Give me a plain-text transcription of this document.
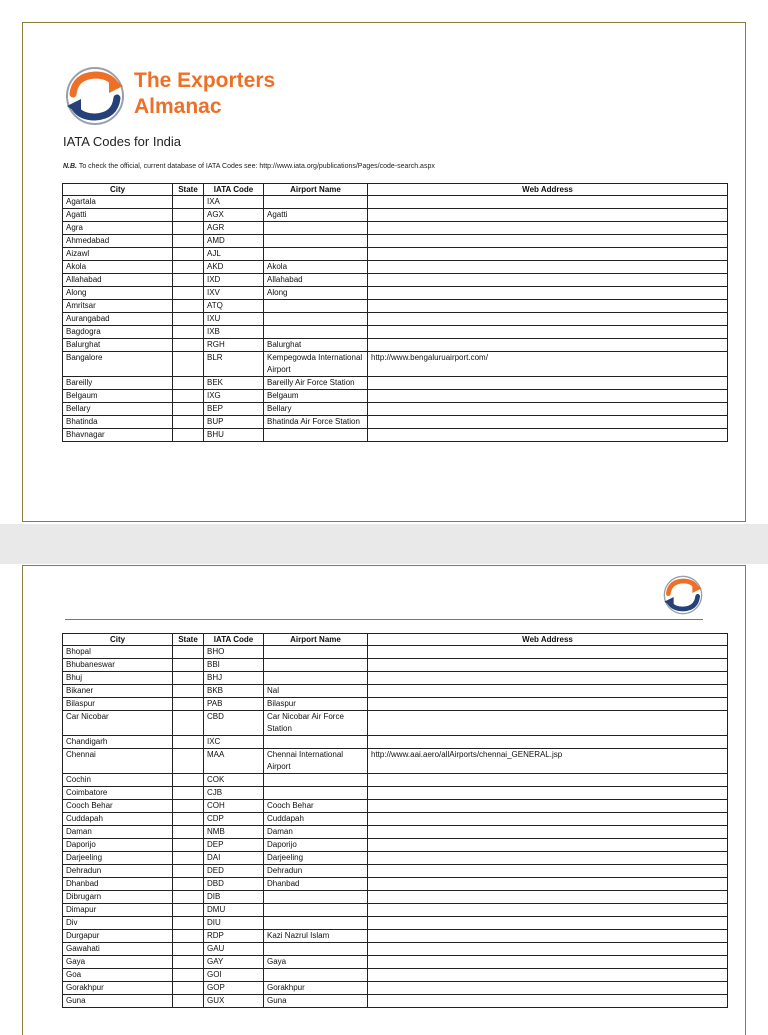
The Exporters
Almanac
IATA Codes for India
N.B. To check the official, current database of IATA Codes see: http://www.iata.org/publications/Pages/code-search.aspx
City	State	IATA Code	Airport Name	Web Address
Agartala		IXA		
Agatti		AGX	Agatti	
Agra		AGR		
Ahmedabad		AMD		
Aizawl		AJL		
Akola		AKD	Akola	
Allahabad		IXD	Allahabad	
Along		IXV	Along	
Amritsar		ATQ		
Aurangabad		IXU		
Bagdogra		IXB		
Balurghat		RGH	Balurghat	
Bangalore		BLR	Kempegowda International Airport	http://www.bengaluruairport.com/
Bareilly		BEK	Bareilly Air Force Station	
Belgaum		IXG	Belgaum	
Bellary		BEP	Bellary	
Bhatinda		BUP	Bhatinda Air Force Station	
Bhavnagar		BHU		
City	State	IATA Code	Airport Name	Web Address
Bhopal		BHO		
Bhubaneswar		BBI		
Bhuj		BHJ		
Bikaner		BKB	Nal	
Bilaspur		PAB	Bilaspur	
Car Nicobar		CBD	Car Nicobar Air Force Station	
Chandigarh		IXC		
Chennai		MAA	Chennai International Airport	http://www.aai.aero/allAirports/chennai_GENERAL.jsp
Cochin		COK		
Coimbatore		CJB		
Cooch Behar		COH	Cooch Behar	
Cuddapah		CDP	Cuddapah	
Daman		NMB	Daman	
Daporijo		DEP	Daporijo	
Darjeeling		DAI	Darjeeling	
Dehradun		DED	Dehradun	
Dhanbad		DBD	Dhanbad	
Dibrugarn		DIB		
Dimapur		DMU		
Div		DIU		
Durgapur		RDP	Kazi Nazrul Islam	
Gawahati		GAU		
Gaya		GAY	Gaya	
Goa		GOI		
Gorakhpur		GOP	Gorakhpur	
Guna		GUX	Guna	
